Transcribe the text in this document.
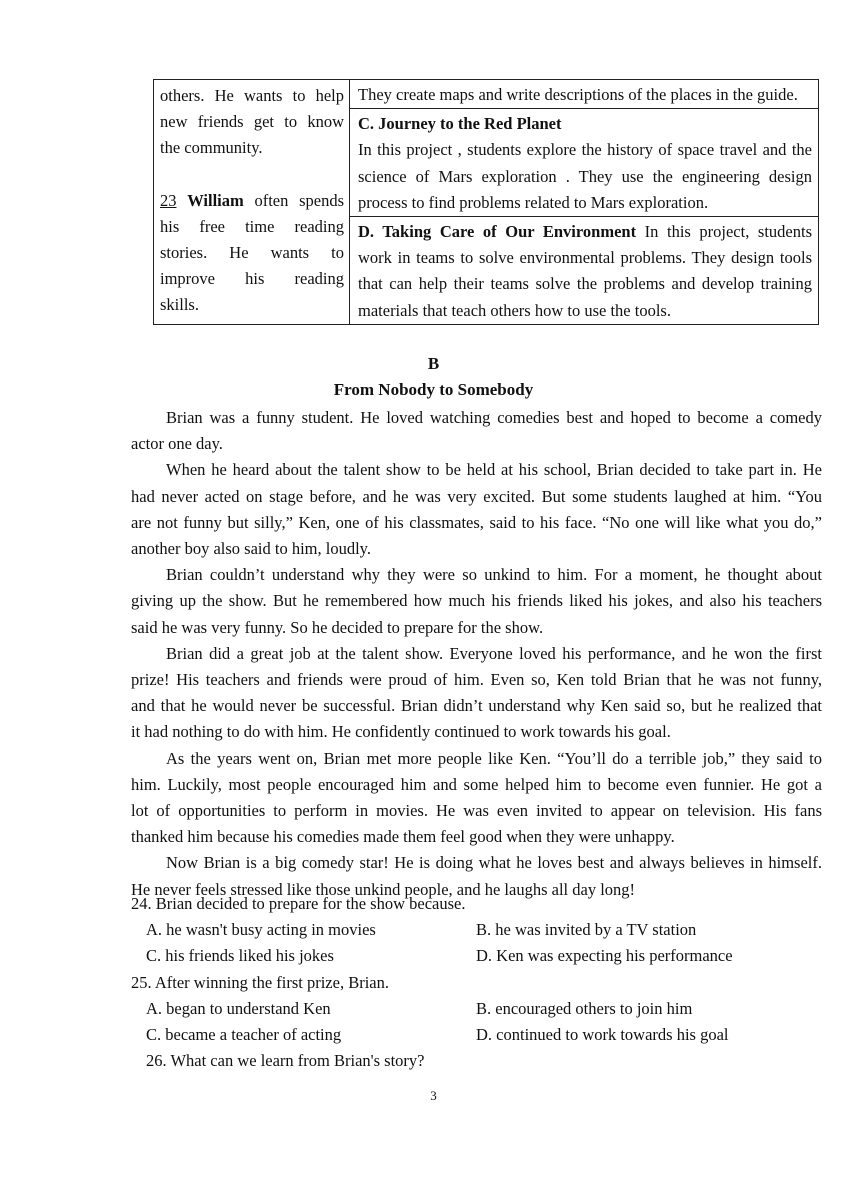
others. He wants to help
new friends get to know
the community.
23 William often spends
his free time reading
stories. He wants to
improve his reading
skills.

They create maps and write descriptions of the places in the guide.

C. Journey to the Red Planet
In this project , students explore the history of space travel and the
science of Mars exploration . They use the engineering design
process to find problems related to Mars exploration.

D. Taking Care of Our Environment In this project, students
work in teams to solve environmental problems. They design tools
that can help their teams solve the problems and develop training
materials that teach others how to use the tools.
B
From Nobody to Somebody

Brian was a funny student. He loved watching comedies best and hoped to become a comedy
actor one day.

When he heard about the talent show to be held at his school, Brian decided to take part in. He
had never acted on stage before, and he was very excited. But some students laughed at him. “You
are not funny but silly,” Ken, one of his classmates, said to his face. “No one will like what you do,”
another boy also said to him, loudly.

Brian couldn’t understand why they were so unkind to him. For a moment, he thought about
giving up the show. But he remembered how much his friends liked his jokes, and also his teachers
said he was very funny. So he decided to prepare for the show.

Brian did a great job at the talent show. Everyone loved his performance, and he won the first
prize! His teachers and friends were proud of him. Even so, Ken told Brian that he was not funny,
and that he would never be successful. Brian didn’t understand why Ken said so, but he realized that
it had nothing to do with him. He confidently continued to work towards his goal.

As the years went on, Brian met more people like Ken. “You’ll do a terrible job,” they said to
him. Luckily, most people encouraged him and some helped him to become even funnier. He got a
lot of opportunities to perform in movies. He was even invited to appear on television. His fans
thanked him because his comedies made them feel good when they were unhappy.

Now Brian is a big comedy star! He is doing what he loves best and always believes in himself.
He never feels stressed like those unkind people, and he laughs all day long!

24. Brian decided to prepare for the show because.

A. he wasn't busy acting in movies	B. he was invited by a TV station
C. his friends liked his jokes	D. Ken was expecting his performance

25. After winning the first prize, Brian.

A. began to understand Ken	B. encouraged others to join him
C. became a teacher of acting	D. continued to work towards his goal

26. What can we learn from Brian's story?

3
